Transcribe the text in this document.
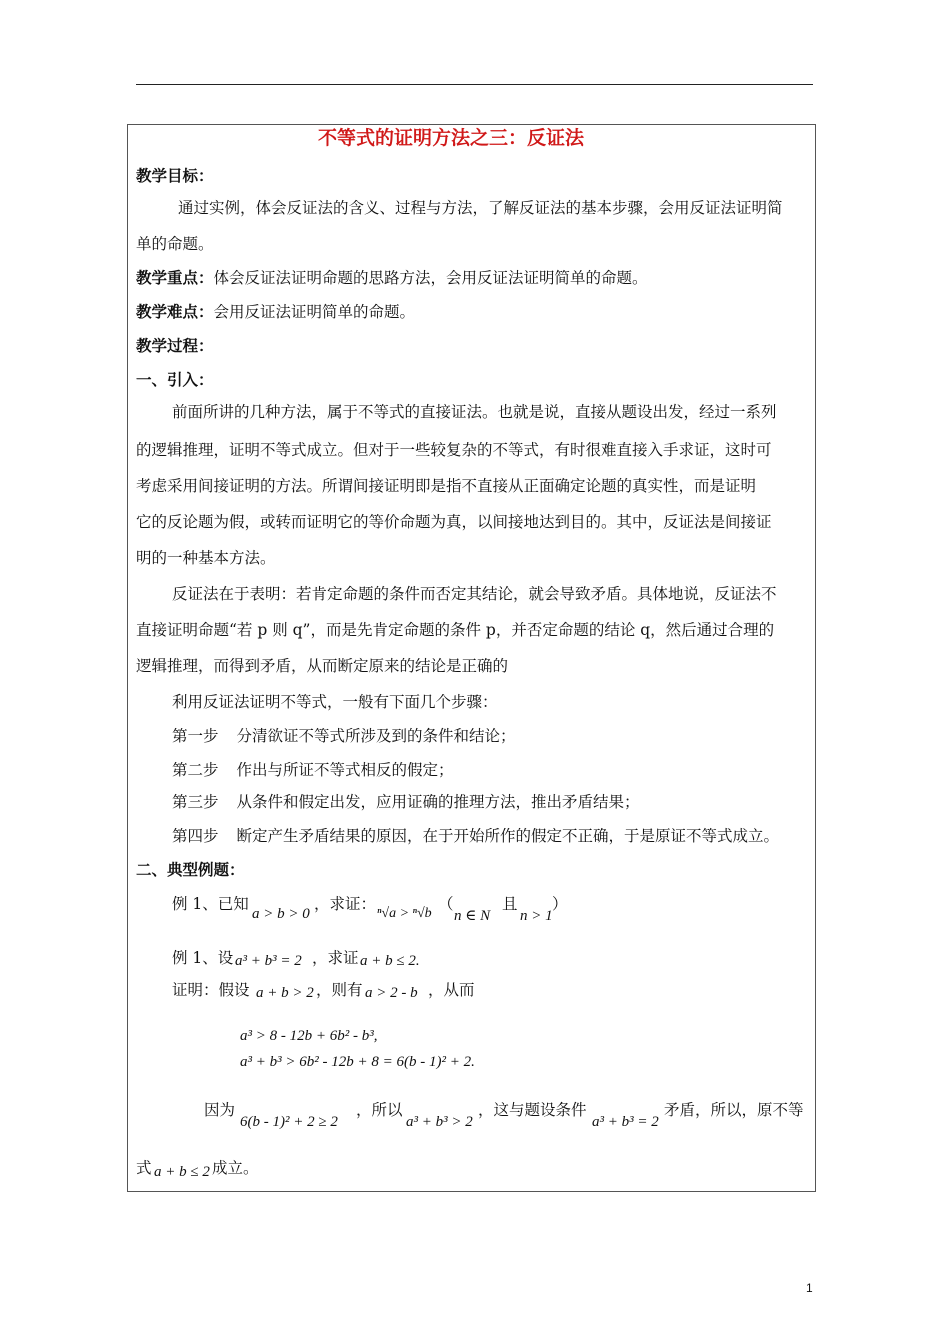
不等式的证明方法之三：反证法
教学目标：
通过实例，体会反证法的含义、过程与方法，了解反证法的基本步骤，会用反证法证明简
单的命题。
教学重点：体会反证法证明命题的思路方法，会用反证法证明简单的命题。
教学难点：会用反证法证明简单的命题。
教学过程：
一、引入：
前面所讲的几种方法，属于不等式的直接证法。也就是说，直接从题设出发，经过一系列
的逻辑推理，证明不等式成立。但对于一些较复杂的不等式，有时很难直接入手求证，这时可
考虑采用间接证明的方法。所谓间接证明即是指不直接从正面确定论题的真实性，而是证明
它的反论题为假，或转而证明它的等价命题为真，以间接地达到目的。其中，反证法是间接证
明的一种基本方法。
反证法在于表明：若肯定命题的条件而否定其结论，就会导致矛盾。具体地说，反证法不
直接证明命题“若 p 则 q”，而是先肯定命题的条件 p，并否定命题的结论 q，然后通过合理的
逻辑推理，而得到矛盾，从而断定原来的结论是正确的
利用反证法证明不等式，一般有下面几个步骤：
第一步 分清欲证不等式所涉及到的条件和结论；
第二步 作出与所证不等式相反的假定；
第三步 从条件和假定出发，应用证确的推理方法，推出矛盾结果；
第四步 断定产生矛盾结果的原因，在于开始所作的假定不正确，于是原证不等式成立。
二、典型例题：
例 1、已知
a > b > 0
，求证：
ⁿ√a > ⁿ√b
（
n ∈ N
且
n > 1
）
例 1、设 a³ + b³ = 2 ，求证 a + b ≤ 2.
证明：假设 a + b > 2 ，则有 a > 2 - b ，从而
a³ > 8 - 12b + 6b² - b³,
a³ + b³ > 6b² - 12b + 8 = 6(b - 1)² + 2.
因为
6(b - 1)² + 2 ≥ 2
，所以
a³ + b³ > 2
，这与题设条件
a³ + b³ = 2
矛盾，所以，原不等
式 a + b ≤ 2 成立。
1
